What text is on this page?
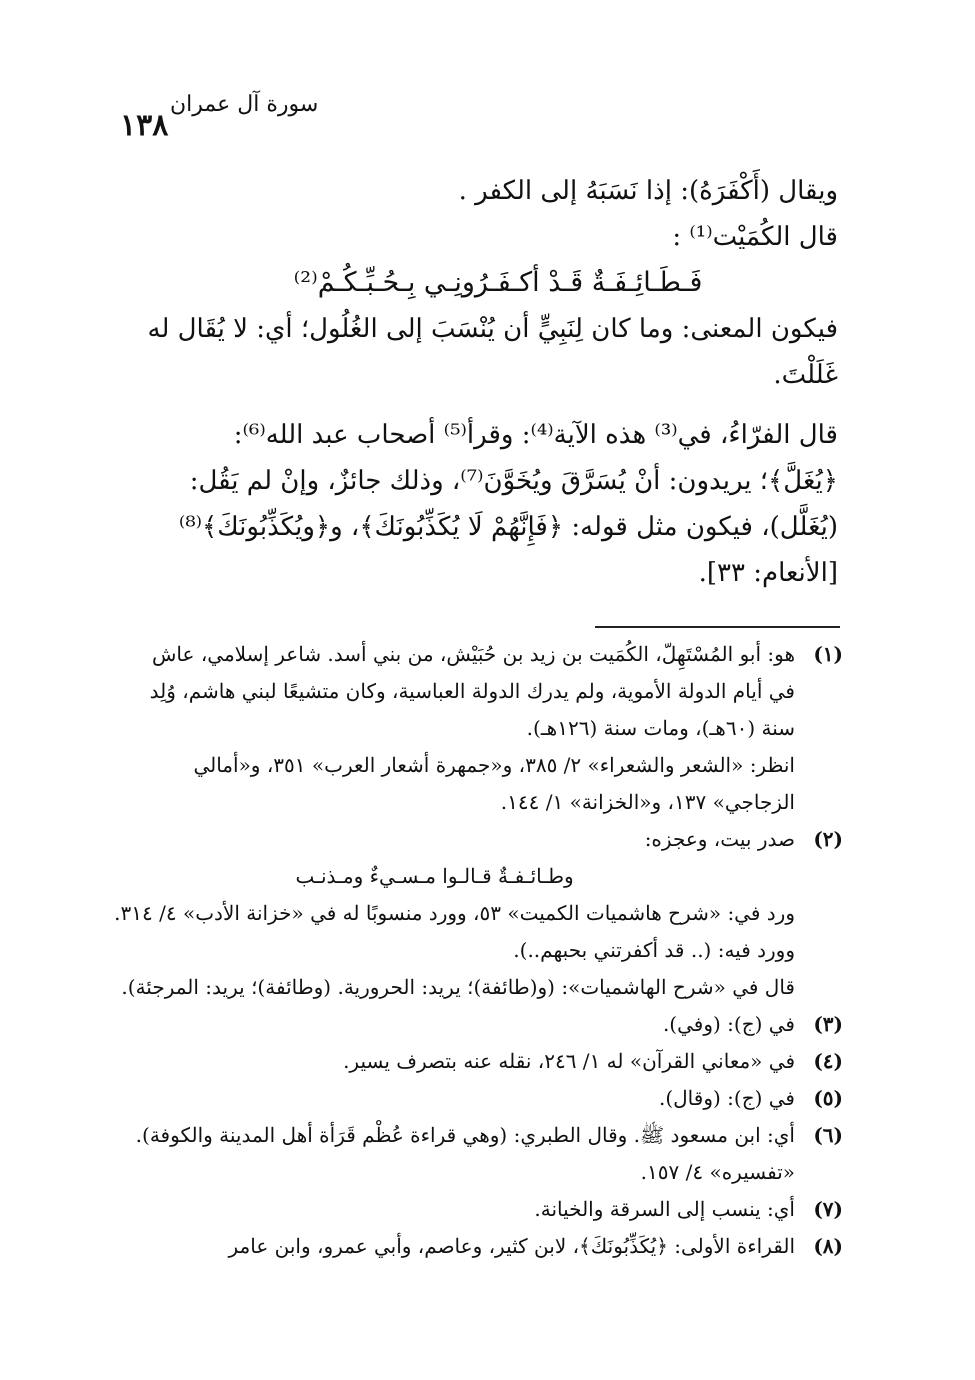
سورة آل عمران
١٣٨
ويقال (أَكْفَرَهُ): إذا نَسَبَهُ إلى الكفر .
قال الكُمَيْت⁽¹⁾ :
فَـطَـائِـفَـةٌ قَـدْ أكـفَـرُونِـي بِـحُـبِّـكُـمْ⁽²⁾
فيكون المعنى: وما كان لِنَبِيٍّ أن يُنْسَبَ إلى الغُلُول؛ أي: لا يُقَال له
غَلَلْتَ.
قال الفرّاءُ، في⁽³⁾ هذه الآية⁽⁴⁾: وقرأ⁽⁵⁾ أصحاب عبد الله⁽⁶⁾:
﴿يُغَلَّ﴾؛ يريدون: أنْ يُسَرَّقَ ويُخَوَّنَ⁽⁷⁾، وذلك جائزٌ، وإنْ لم يَقُل:
(يُغَلَّل)، فيكون مثل قوله: ﴿فَإِنَّهُمْ لَا يُكَذِّبُونَكَ﴾، و﴿ويُكَذِّبُونَكَ﴾⁽⁸⁾
[الأنعام: ٣٣].
(١)
هو: أبو المُسْتَهِلّ، الكُمَيت بن زيد بن حُبَيْش، من بني أسد. شاعر إسلامي، عاش
في أيام الدولة الأموية، ولم يدرك الدولة العباسية، وكان متشيعًا لبني هاشم، وُلِد
سنة (٦٠هـ)، ومات سنة (١٢٦هـ).
انظر: «الشعر والشعراء» ٢/ ٣٨٥، و«جمهرة أشعار العرب» ٣٥١، و«أمالي
الزجاجي» ١٣٧، و«الخزانة» ١/ ١٤٤.
(٢)
صدر بيت، وعجزه:
وطـائـفـةٌ قـالـوا مـسـيءٌ ومـذنـب
ورد في: «شرح هاشميات الكميت» ٥٣، وورد منسوبًا له في «خزانة الأدب» ٤/ ٣١٤.
وورد فيه: (.. قد أكفرتني بحبهم..).
قال في «شرح الهاشميات»: (و(طائفة)؛ يريد: الحرورية. (وطائفة)؛ يريد: المرجئة).
(٣)
في (ج): (وفي).
(٤)
في «معاني القرآن» له ١/ ٢٤٦، نقله عنه بتصرف يسير.
(٥)
في (ج): (وقال).
(٦)
أي: ابن مسعود ﷺ. وقال الطبري: (وهي قراءة عُظْم قَرَأة أهل المدينة والكوفة).
«تفسيره» ٤/ ١٥٧.
(٧)
أي: ينسب إلى السرقة والخيانة.
(٨)
القراءة الأولى: ﴿يُكَذِّبُونَكَ﴾، لابن كثير، وعاصم، وأبي عمرو، وابن عامر
